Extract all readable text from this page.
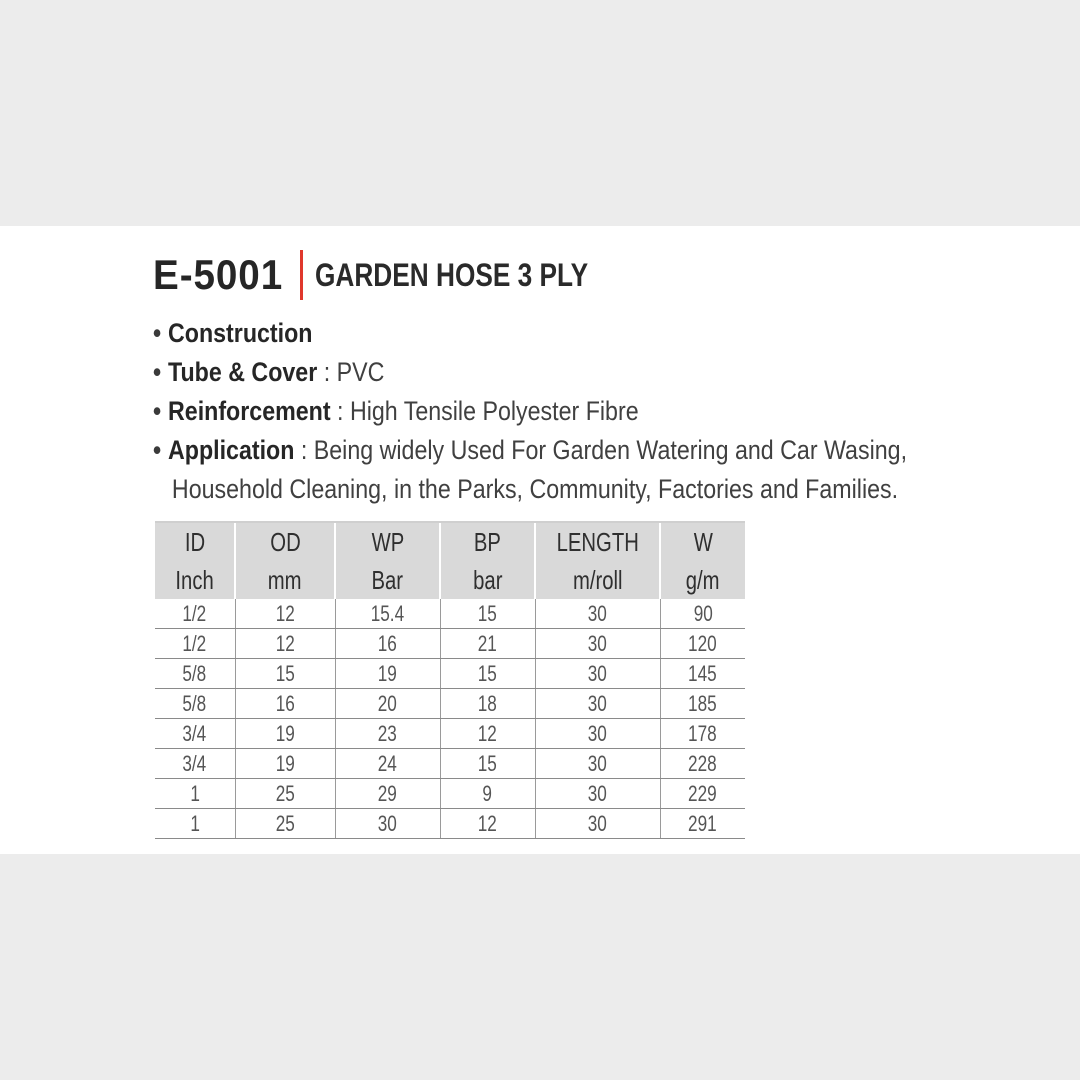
E-5001 GARDEN HOSE 3 PLY
• Construction
• Tube & Cover : PVC
• Reinforcement : High Tensile Polyester Fibre
• Application : Being widely Used For Garden Watering and Car Wasing,
Household Cleaning, in the Parks, Community, Factories and Families.
ID	OD	WP	BP	LENGTH	W
Inch	mm	Bar	bar	m/roll	g/m
1/2	12	15.4	15	30	90
1/2	12	16	21	30	120
5/8	15	19	15	30	145
5/8	16	20	18	30	185
3/4	19	23	12	30	178
3/4	19	24	15	30	228
1	25	29	9	30	229
1	25	30	12	30	291
